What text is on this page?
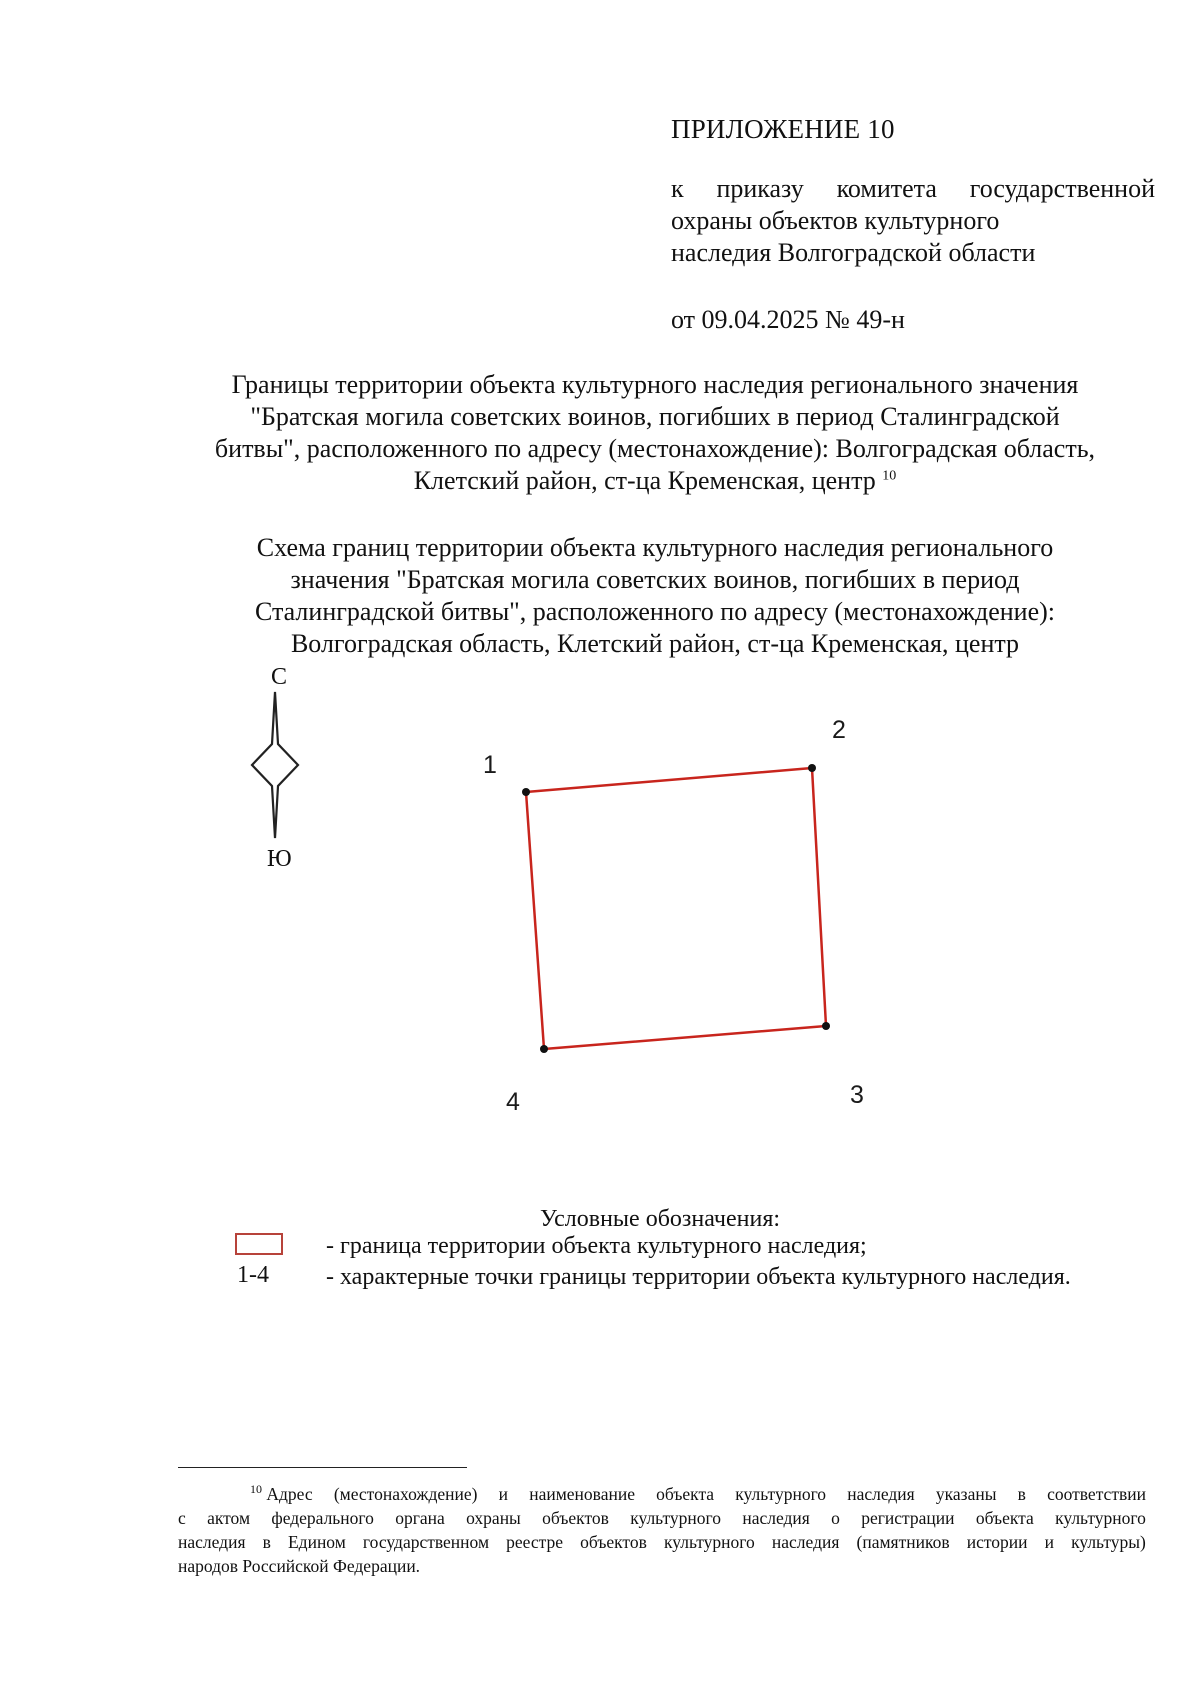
ПРИЛОЖЕНИЕ 10
к приказу комитета государственной
охраны объектов культурного
наследия Волгоградской области
от 09.04.2025 № 49-н
Границы территории объекта культурного наследия регионального значения
"Братская могила советских воинов, погибших в период Сталинградской
битвы", расположенного по адресу (местонахождение): Волгоградская область,
Клетский район, ст-ца Кременская, центр $^{10}$
Схема границ территории объекта культурного наследия регионального
значения "Братская могила советских воинов, погибших в период
Сталинградской битвы", расположенного по адресу (местонахождение):
Волгоградская область, Клетский район, ст-ца Кременская, центр
С
Ю
1
2
3
4
Условные обозначения:
- граница территории объекта культурного наследия;
1-4 - характерные точки границы территории объекта культурного наследия.
$^{10}$ Адрес (местонахождение) и наименование объекта культурного наследия указаны в соответствии
с актом федерального органа охраны объектов культурного наследия о регистрации объекта культурного
наследия в Едином государственном реестре объектов культурного наследия (памятников истории и культуры)
народов Российской Федерации.
